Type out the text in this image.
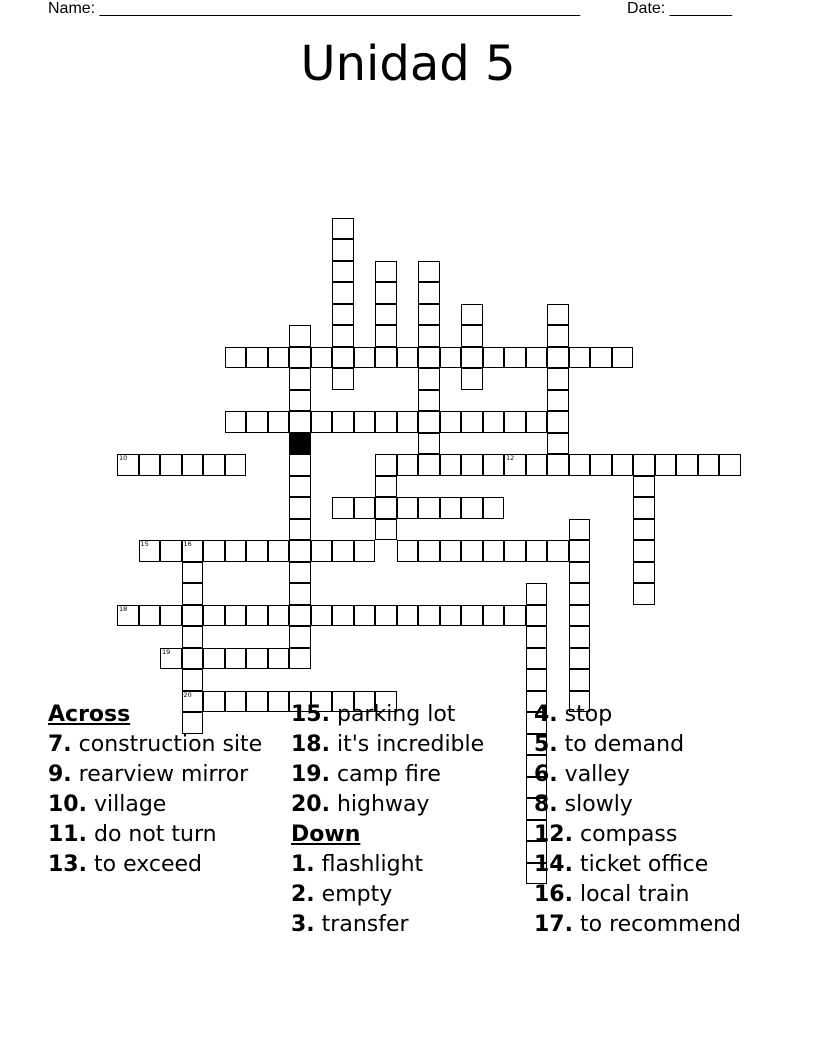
Name: ______________________________________________________	Date: _______
Unidad 5
10	12
15	16
20
18
19
Across
7. construction site
9. rearview mirror
10. village
11. do not turn
13. to exceed
15. parking lot
18. it's incredible
19. camp fire
20. highway
Down
1. flashlight
2. empty
3. transfer
4. stop
5. to demand
6. valley
8. slowly
12. compass
14. ticket office
16. local train
17. to recommend
